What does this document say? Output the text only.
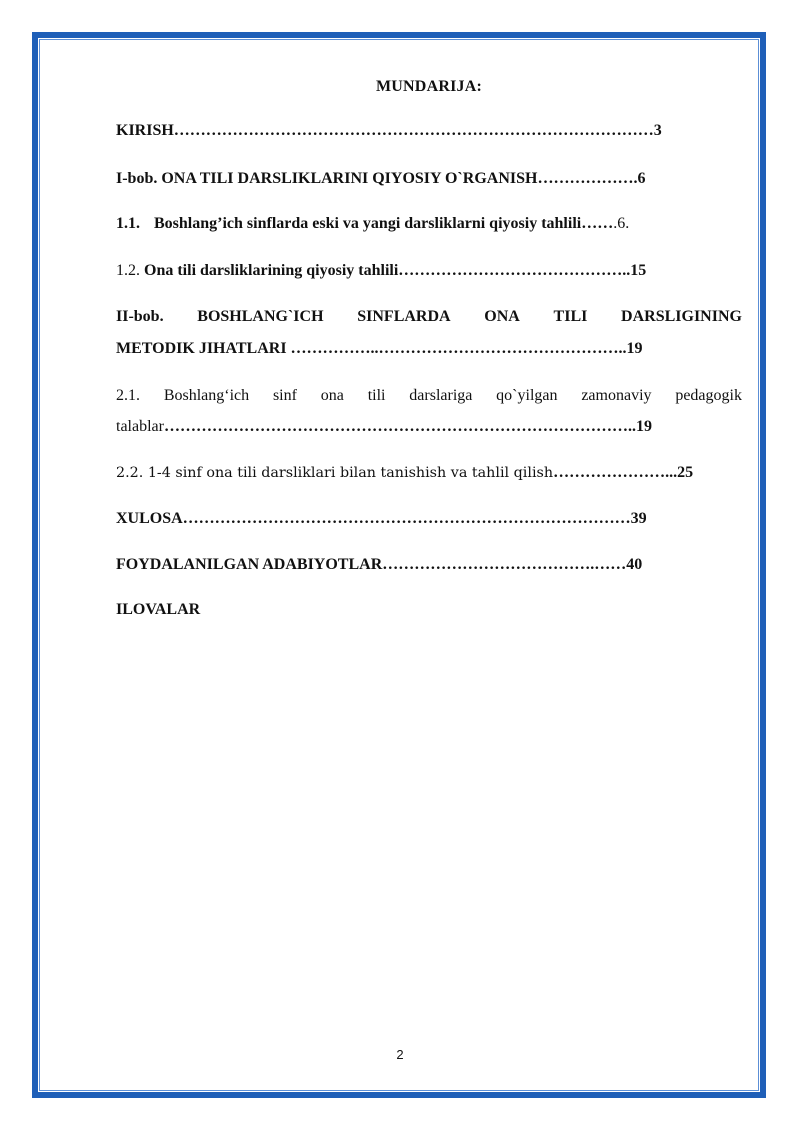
MUNDARIJA:
KIRISH………………………………………………………………………………3
I-bob. ONA TILI DARSLIKLARINI QIYOSIY O`RGANISH……………….6
1.1. Boshlang’ich sinflarda eski va yangi darsliklarni qiyosiy tahlili…….6.
1.2. Ona tili darsliklarining qiyosiy tahlili……………………………………..15
II-bob. BOSHLANG`ICH SINFLARDA ONA TILI DARSLIGINING
METODIK JIHATLARI ……………..………………………………………..19
2.1. Boshlang‘ich sinf ona tili darslariga qo`yilgan zamonaviy pedagogik
talablar……………………………………………………………………………..19
2.2. 1-4 sinf ona tili darsliklari bilan tanishish va tahlil qilish…………………...25
XULOSA…………………………………………………………………………39
FOYDALANILGAN ADABIYOTLAR………………………………….……40
ILOVALAR
2
